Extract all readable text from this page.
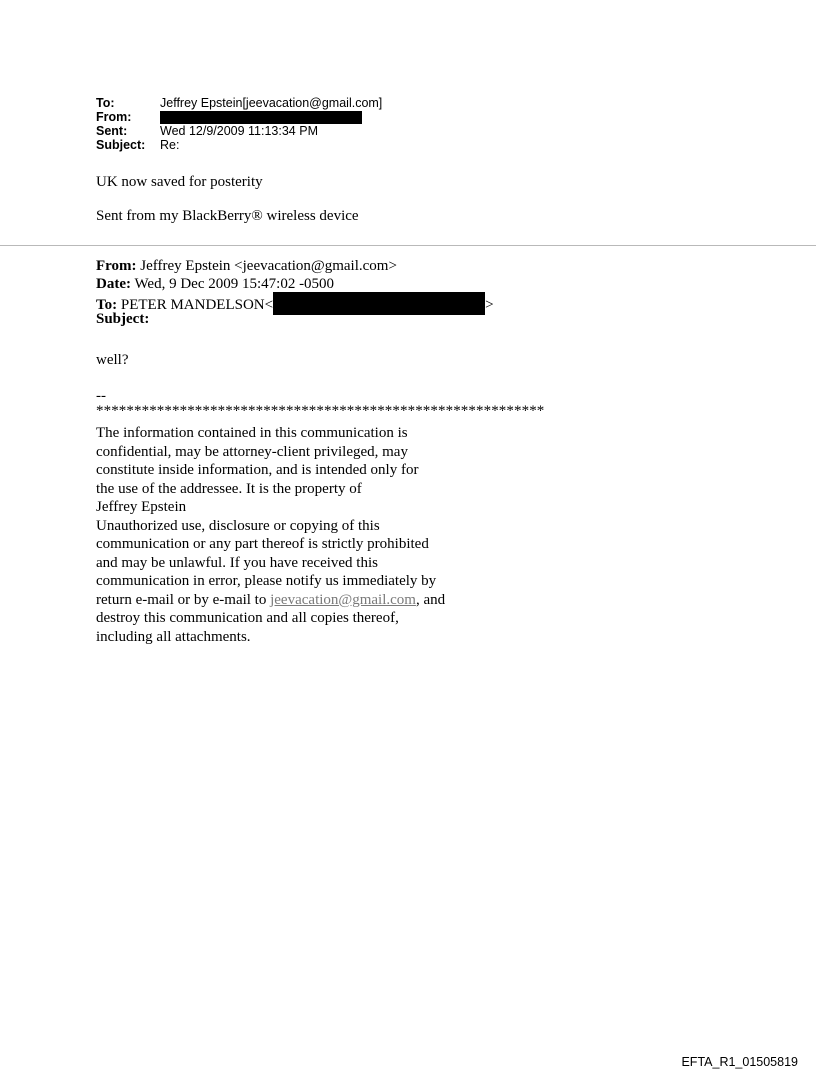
To:	Jeffrey Epstein[jeevacation@gmail.com]
From:
Sent:	Wed 12/9/2009 11:13:34 PM
Subject:	Re:
UK now saved for posterity
Sent from my BlackBerry® wireless device
From: Jeffrey Epstein <jeevacation@gmail.com>
Date: Wed, 9 Dec 2009 15:47:02 -0500
To: PETER MANDELSON<	>
Subject:
well?
--
***********************************************************
The information contained in this communication is
confidential, may be attorney-client privileged, may
constitute inside information, and is intended only for
the use of the addressee. It is the property of
Jeffrey Epstein
Unauthorized use, disclosure or copying of this
communication or any part thereof is strictly prohibited
and may be unlawful. If you have received this
communication in error, please notify us immediately by
return e-mail or by e-mail to jeevacation@gmail.com, and
destroy this communication and all copies thereof,
including all attachments.
EFTA_R1_01505819
